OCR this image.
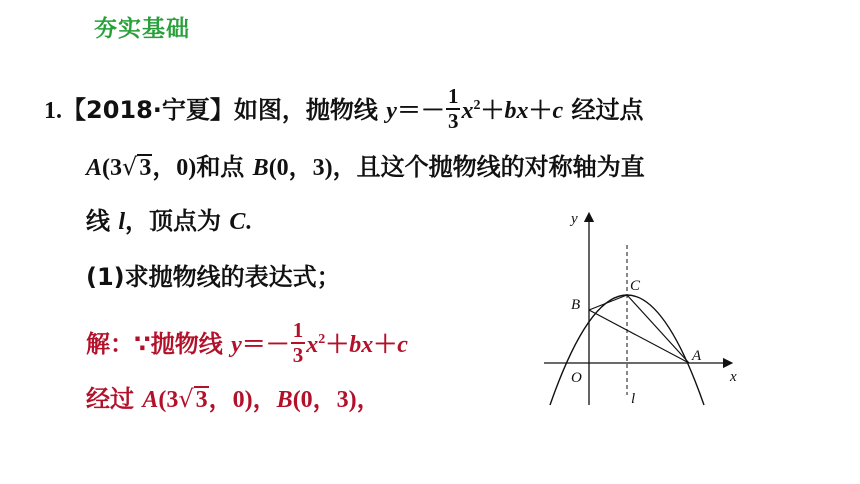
夯实基础
1.【2018·宁夏】如图，抛物线 $y=- \frac{1}{3} x^2+bx+c$ 经过点
A(3√3，0)和点 B(0，3)，且这个抛物线的对称轴为直
线 l，顶点为 C.
(1)求抛物线的表达式；
解：∵抛物线 $y=- \frac{1}{3} x^2+bx+c$
经过 A(3√3，0)，B(0，3)，
y
x
O
B
C
A
l
